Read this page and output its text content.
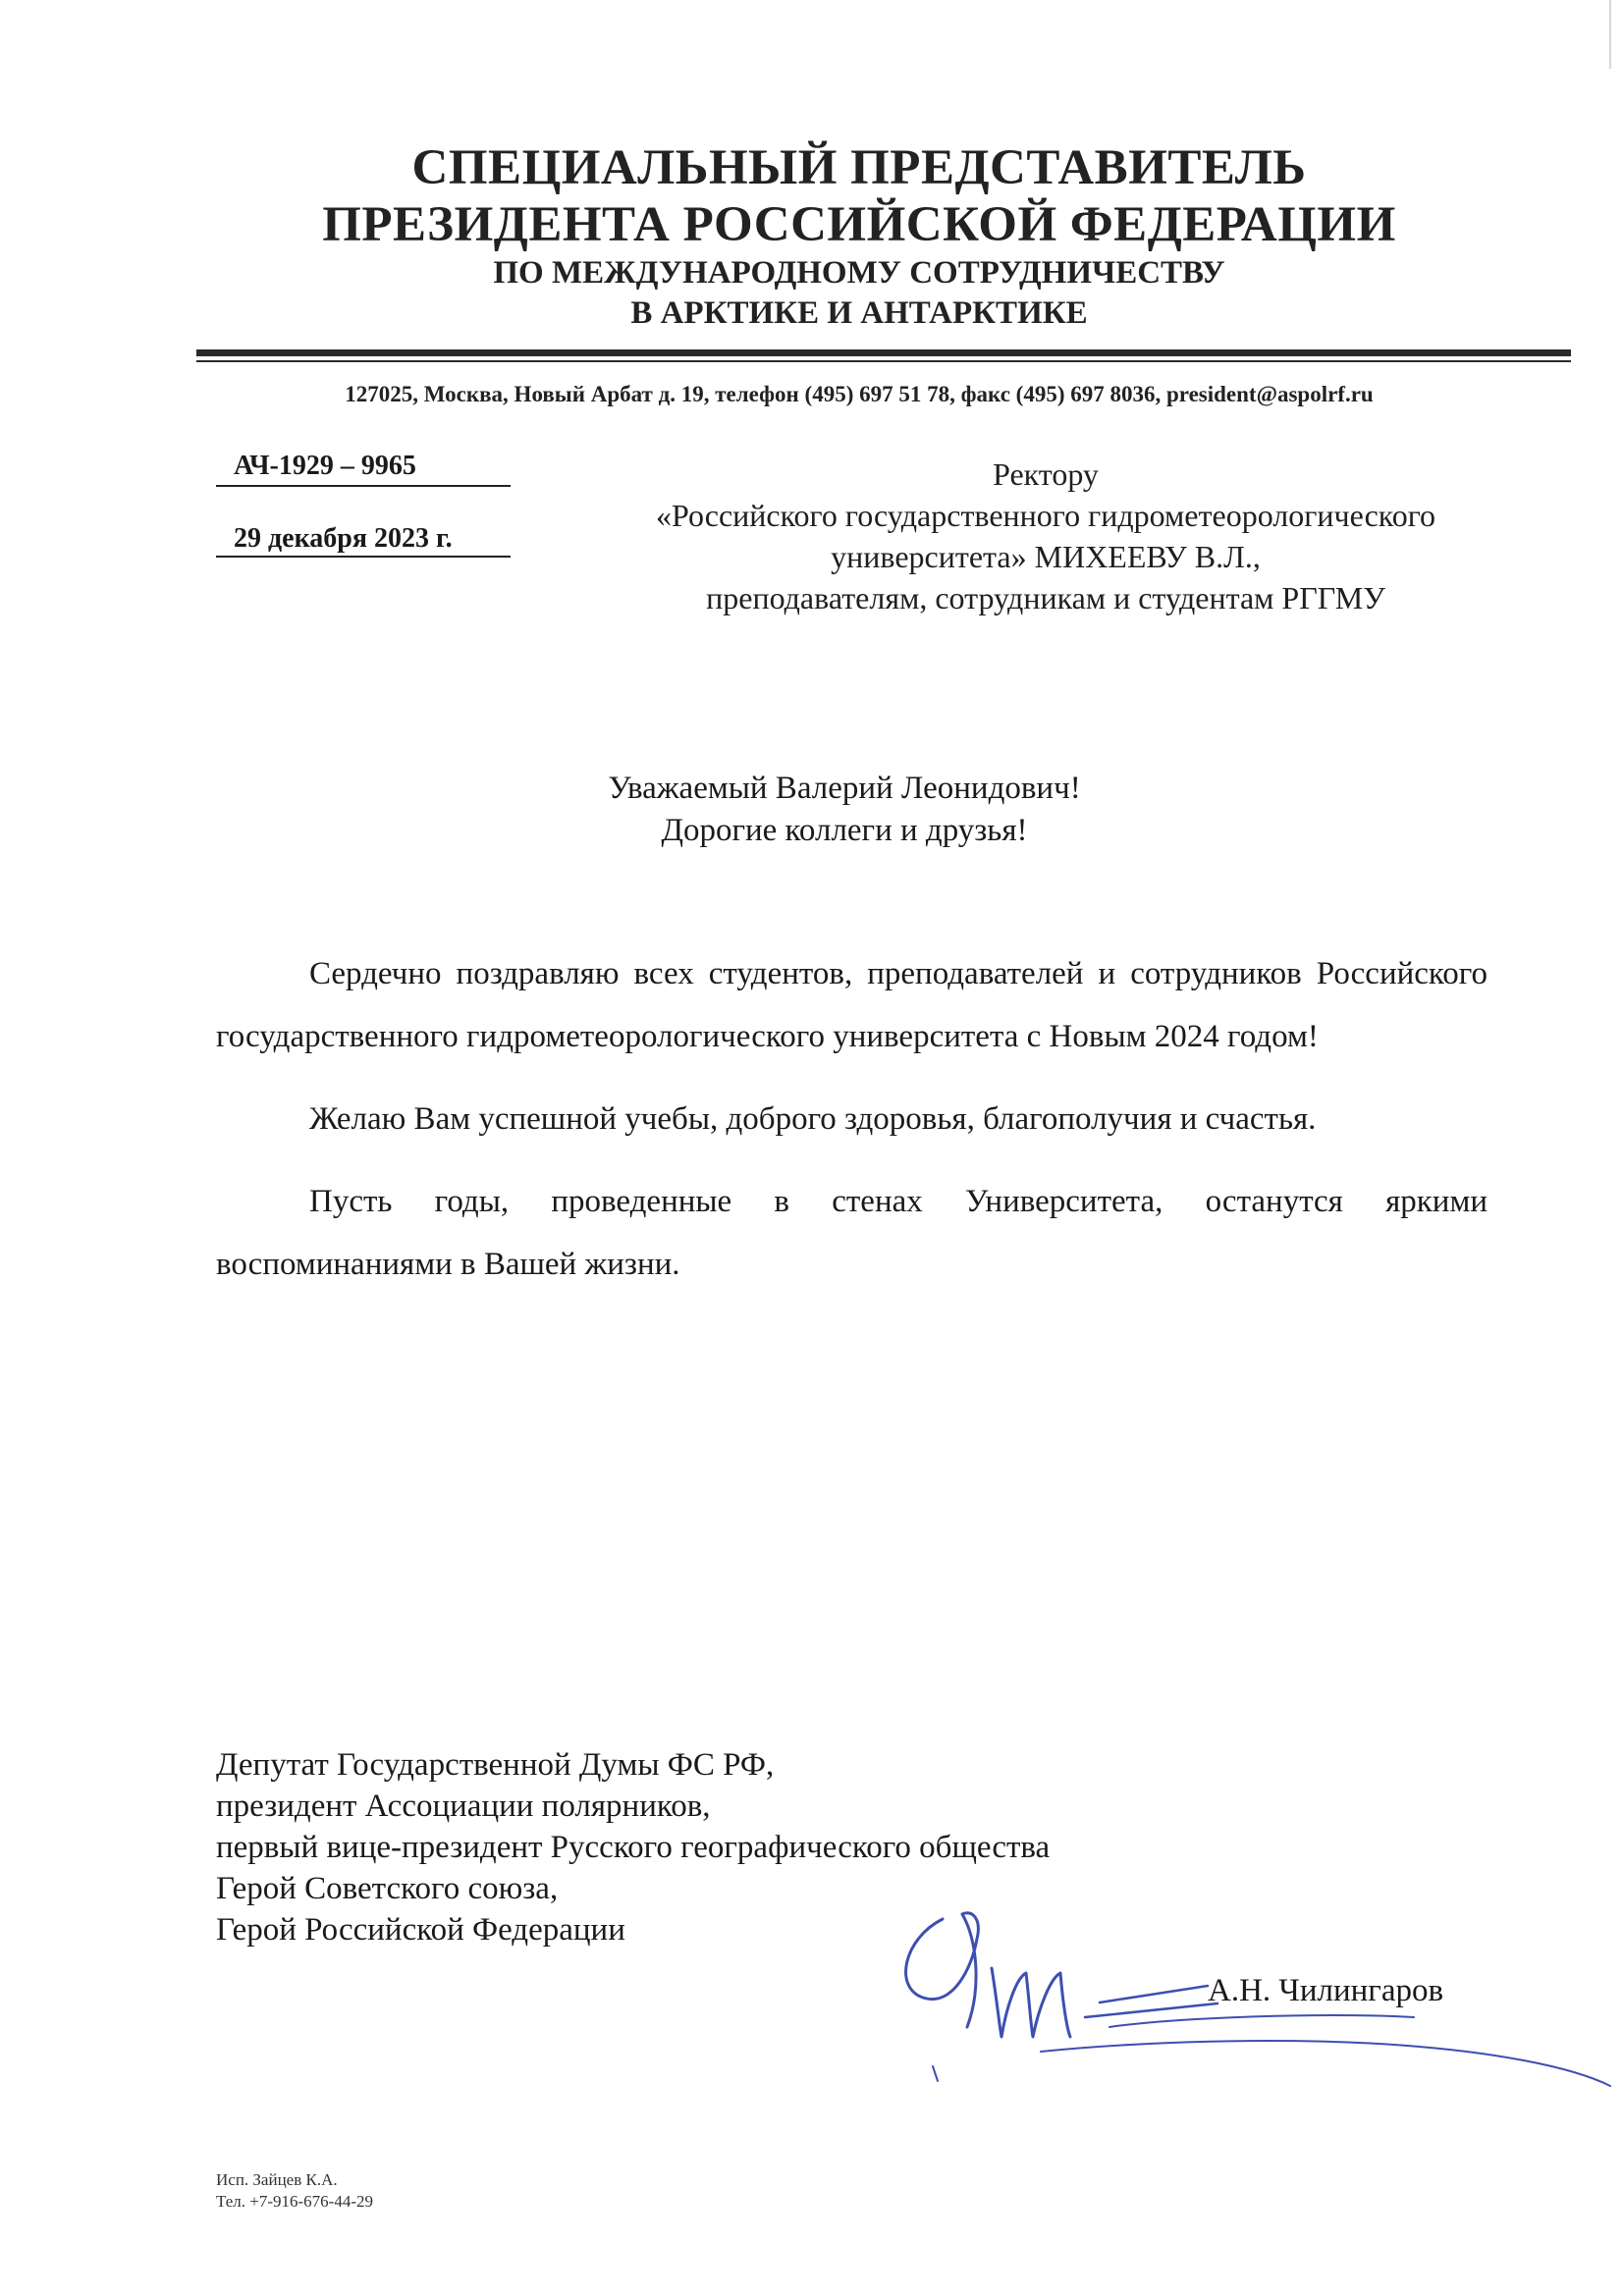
СПЕЦИАЛЬНЫЙ ПРЕДСТАВИТЕЛЬ
ПРЕЗИДЕНТА РОССИЙСКОЙ ФЕДЕРАЦИИ
ПО МЕЖДУНАРОДНОМУ СОТРУДНИЧЕСТВУ
В АРКТИКЕ И АНТАРКТИКЕ
127025, Москва, Новый Арбат д. 19, телефон (495) 697 51 78, факс (495) 697 8036, president@aspolrf.ru
АЧ-1929 – 9965
29 декабря 2023 г.
Ректору
«Российского государственного гидрометеорологического
университета» МИХЕЕВУ В.Л.,
преподавателям, сотрудникам и студентам РГГМУ
Уважаемый Валерий Леонидович!
Дорогие коллеги и друзья!

Сердечно поздравляю всех студентов, преподавателей и сотрудников Российского государственного гидрометеорологического университета с Новым 2024 годом!

Желаю Вам успешной учебы, доброго здоровья, благополучия и счастья.

Пусть годы, проведенные в стенах Университета, останутся яркими воспоминаниями в Вашей жизни.

Депутат Государственной Думы ФС РФ,
президент Ассоциации полярников,
первый вице-президент Русского географического общества
Герой Советского союза,
Герой Российской Федерации
А.Н. Чилингаров
Исп. Зайцев К.А.
Тел. +7-916-676-44-29
